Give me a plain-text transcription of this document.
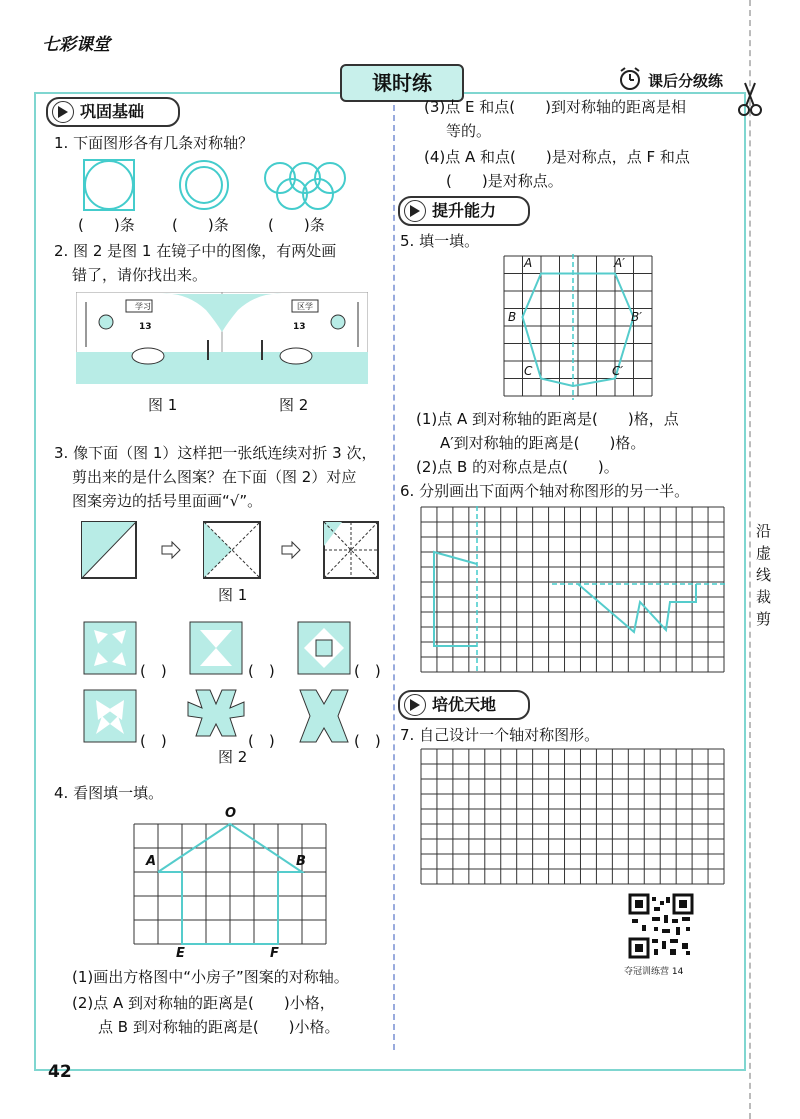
沿
虚
线
裁
剪
七彩课堂
课时练	课后分级练
巩固基础
1. 下面图形各有几条对称轴？
(　　)条 (　　)条	(　　)条
2. 图 2 是图 1 在镜子中的图像，有两处画
错了，请你找出来。
学习	区学
13	13
图 1	图 2
3. 像下面（图 1）这样把一张纸连续对折 3 次，
剪出来的是什么图案？在下面（图 2）对应
图案旁边的括号里面画“√”。
图 1
(　)	(　)	(　)
(　)	(　)	(　)
图 2
4. 看图填一填。
O
A	B
E	F
(1)画出方格图中“小房子”图案的对称轴。
(2)点 A 到对称轴的距离是(　　)小格，
点 B 到对称轴的距离是(　　)小格。
(3)点 E 和点(　　)到对称轴的距离是相
等的。
(4)点 A 和点(　　)是对称点，点 F 和点
(　　)是对称点。
提升能力
5. 填一填。
A	A′
B	B′
C	C′
(1)点 A 到对称轴的距离是(　　)格，点
A′到对称轴的距离是(　　)格。
(2)点 B 的对称点是点(　　)。
6. 分别画出下面两个轴对称图形的另一半。
培优天地
7. 自己设计一个轴对称图形。
夺冠训练营 14
42
